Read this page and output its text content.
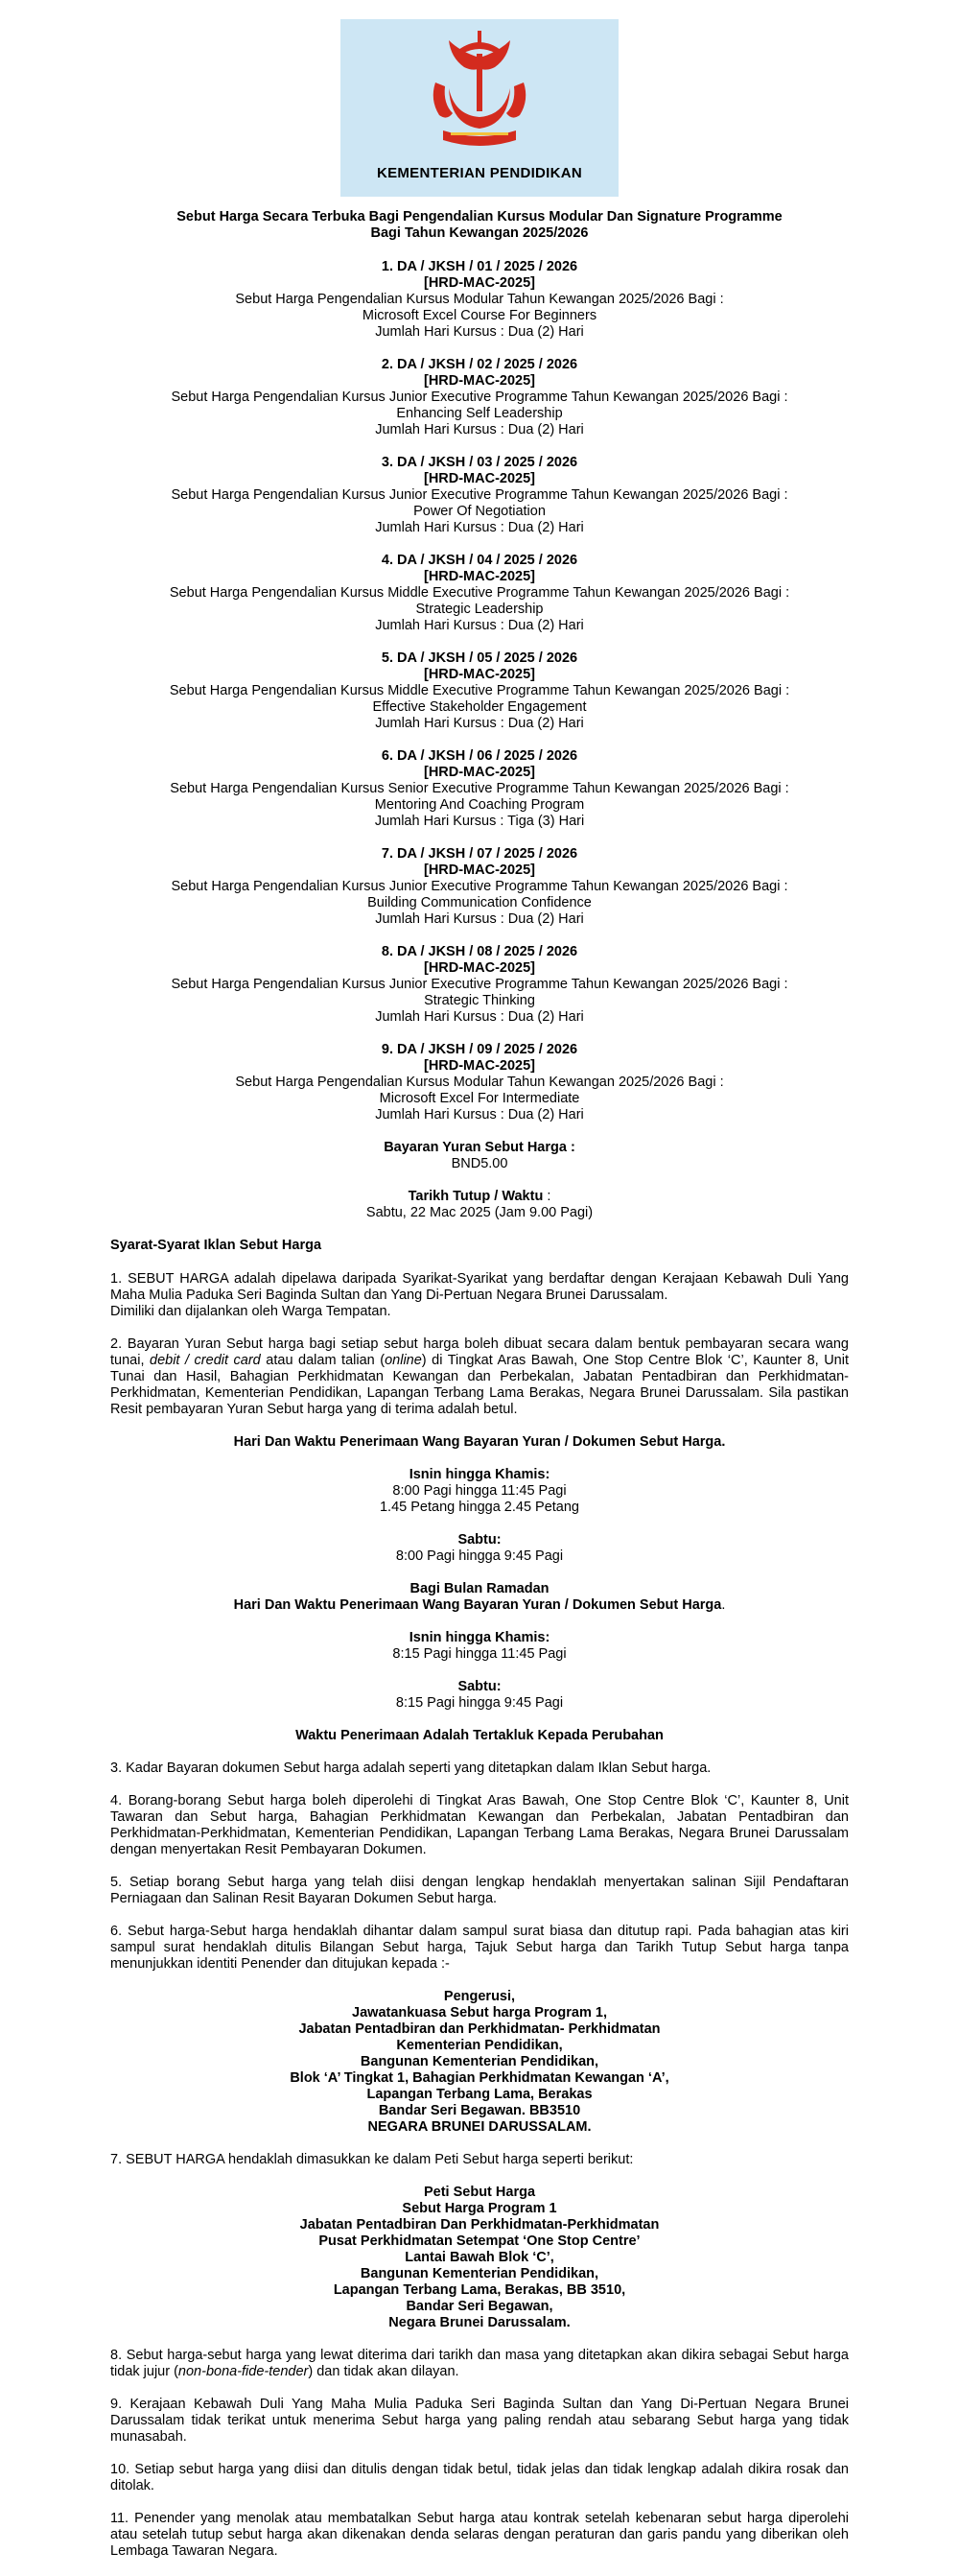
KEMENTERIAN PENDIDIKAN
Sebut Harga Secara Terbuka Bagi Pengendalian Kursus Modular Dan Signature Programme
Bagi Tahun Kewangan 2025/2026
1. DA / JKSH / 01 / 2025 / 2026
[HRD-MAC-2025]
Sebut Harga Pengendalian Kursus Modular Tahun Kewangan 2025/2026 Bagi :
Microsoft Excel Course For Beginners
Jumlah Hari Kursus : Dua (2) Hari
2. DA / JKSH / 02 / 2025 / 2026
[HRD-MAC-2025]
Sebut Harga Pengendalian Kursus Junior Executive Programme Tahun Kewangan 2025/2026 Bagi :
Enhancing Self Leadership
Jumlah Hari Kursus : Dua (2) Hari
3. DA / JKSH / 03 / 2025 / 2026
[HRD-MAC-2025]
Sebut Harga Pengendalian Kursus Junior Executive Programme Tahun Kewangan 2025/2026 Bagi :
Power Of Negotiation
Jumlah Hari Kursus : Dua (2) Hari
4. DA / JKSH / 04 / 2025 / 2026
[HRD-MAC-2025]
Sebut Harga Pengendalian Kursus Middle Executive Programme Tahun Kewangan 2025/2026 Bagi :
Strategic Leadership
Jumlah Hari Kursus : Dua (2) Hari
5. DA / JKSH / 05 / 2025 / 2026
[HRD-MAC-2025]
Sebut Harga Pengendalian Kursus Middle Executive Programme Tahun Kewangan 2025/2026 Bagi :
Effective Stakeholder Engagement
Jumlah Hari Kursus : Dua (2) Hari
6. DA / JKSH / 06 / 2025 / 2026
[HRD-MAC-2025]
Sebut Harga Pengendalian Kursus Senior Executive Programme Tahun Kewangan 2025/2026 Bagi :
Mentoring And Coaching Program
Jumlah Hari Kursus : Tiga (3) Hari
7. DA / JKSH / 07 / 2025 / 2026
[HRD-MAC-2025]
Sebut Harga Pengendalian Kursus Junior Executive Programme Tahun Kewangan 2025/2026 Bagi :
Building Communication Confidence
Jumlah Hari Kursus : Dua (2) Hari
8. DA / JKSH / 08 / 2025 / 2026
[HRD-MAC-2025]
Sebut Harga Pengendalian Kursus Junior Executive Programme Tahun Kewangan 2025/2026 Bagi :
Strategic Thinking
Jumlah Hari Kursus : Dua (2) Hari
9. DA / JKSH / 09 / 2025 / 2026
[HRD-MAC-2025]
Sebut Harga Pengendalian Kursus Modular Tahun Kewangan 2025/2026 Bagi :
Microsoft Excel For Intermediate
Jumlah Hari Kursus : Dua (2) Hari
Bayaran Yuran Sebut Harga :
BND5.00
Tarikh Tutup / Waktu :
Sabtu, 22 Mac 2025 (Jam 9.00 Pagi)
Syarat-Syarat Iklan Sebut Harga
1. SEBUT HARGA adalah dipelawa daripada Syarikat-Syarikat yang berdaftar dengan Kerajaan Kebawah Duli Yang Maha Mulia Paduka Seri Baginda Sultan dan Yang Di-Pertuan Negara Brunei Darussalam.
Dimiliki dan dijalankan oleh Warga Tempatan.
2. Bayaran Yuran Sebut harga bagi setiap sebut harga boleh dibuat secara dalam bentuk pembayaran secara wang tunai, debit / credit card atau dalam talian (online) di Tingkat Aras Bawah, One Stop Centre Blok ‘C’, Kaunter 8, Unit Tunai dan Hasil, Bahagian Perkhidmatan Kewangan dan Perbekalan, Jabatan Pentadbiran dan Perkhidmatan-Perkhidmatan, Kementerian Pendidikan, Lapangan Terbang Lama Berakas, Negara Brunei Darussalam. Sila pastikan Resit pembayaran Yuran Sebut harga yang di terima adalah betul.
Hari Dan Waktu Penerimaan Wang Bayaran Yuran / Dokumen Sebut Harga.
Isnin hingga Khamis:
8:00 Pagi hingga 11:45 Pagi
1.45 Petang hingga 2.45 Petang
Sabtu:
8:00 Pagi hingga 9:45 Pagi
Bagi Bulan Ramadan
Hari Dan Waktu Penerimaan Wang Bayaran Yuran / Dokumen Sebut Harga.
Isnin hingga Khamis:
8:15 Pagi hingga 11:45 Pagi
Sabtu:
8:15 Pagi hingga 9:45 Pagi
Waktu Penerimaan Adalah Tertakluk Kepada Perubahan
3. Kadar Bayaran dokumen Sebut harga adalah seperti yang ditetapkan dalam Iklan Sebut harga.
4. Borang-borang Sebut harga boleh diperolehi di Tingkat Aras Bawah, One Stop Centre Blok ‘C’, Kaunter 8, Unit Tawaran dan Sebut harga, Bahagian Perkhidmatan Kewangan dan Perbekalan, Jabatan Pentadbiran dan Perkhidmatan-Perkhidmatan, Kementerian Pendidikan, Lapangan Terbang Lama Berakas, Negara Brunei Darussalam dengan menyertakan Resit Pembayaran Dokumen.
5. Setiap borang Sebut harga yang telah diisi dengan lengkap hendaklah menyertakan salinan Sijil Pendaftaran Perniagaan dan Salinan Resit Bayaran Dokumen Sebut harga.
6. Sebut harga-Sebut harga hendaklah dihantar dalam sampul surat biasa dan ditutup rapi. Pada bahagian atas kiri sampul surat hendaklah ditulis Bilangan Sebut harga, Tajuk Sebut harga dan Tarikh Tutup Sebut harga tanpa menunjukkan identiti Penender dan ditujukan kepada :-
Pengerusi,
Jawatankuasa Sebut harga Program 1,
Jabatan Pentadbiran dan Perkhidmatan- Perkhidmatan
Kementerian Pendidikan,
Bangunan Kementerian Pendidikan,
Blok ‘A’ Tingkat 1, Bahagian Perkhidmatan Kewangan ‘A’,
Lapangan Terbang Lama, Berakas
Bandar Seri Begawan. BB3510
NEGARA BRUNEI DARUSSALAM.
7. SEBUT HARGA hendaklah dimasukkan ke dalam Peti Sebut harga seperti berikut:
Peti Sebut Harga
Sebut Harga Program 1
Jabatan Pentadbiran Dan Perkhidmatan-Perkhidmatan
Pusat Perkhidmatan Setempat ‘One Stop Centre’
Lantai Bawah Blok ‘C’,
Bangunan Kementerian Pendidikan,
Lapangan Terbang Lama, Berakas, BB 3510,
Bandar Seri Begawan,
Negara Brunei Darussalam.
8. Sebut harga-sebut harga yang lewat diterima dari tarikh dan masa yang ditetapkan akan dikira sebagai Sebut harga tidak jujur (non-bona-fide-tender) dan tidak akan dilayan.
9. Kerajaan Kebawah Duli Yang Maha Mulia Paduka Seri Baginda Sultan dan Yang Di-Pertuan Negara Brunei Darussalam tidak terikat untuk menerima Sebut harga yang paling rendah atau sebarang Sebut harga yang tidak munasabah.
10. Setiap sebut harga yang diisi dan ditulis dengan tidak betul, tidak jelas dan tidak lengkap adalah dikira rosak dan ditolak.
11. Penender yang menolak atau membatalkan Sebut harga atau kontrak setelah kebenaran sebut harga diperolehi atau setelah tutup sebut harga akan dikenakan denda selaras dengan peraturan dan garis pandu yang diberikan oleh Lembaga Tawaran Negara.
